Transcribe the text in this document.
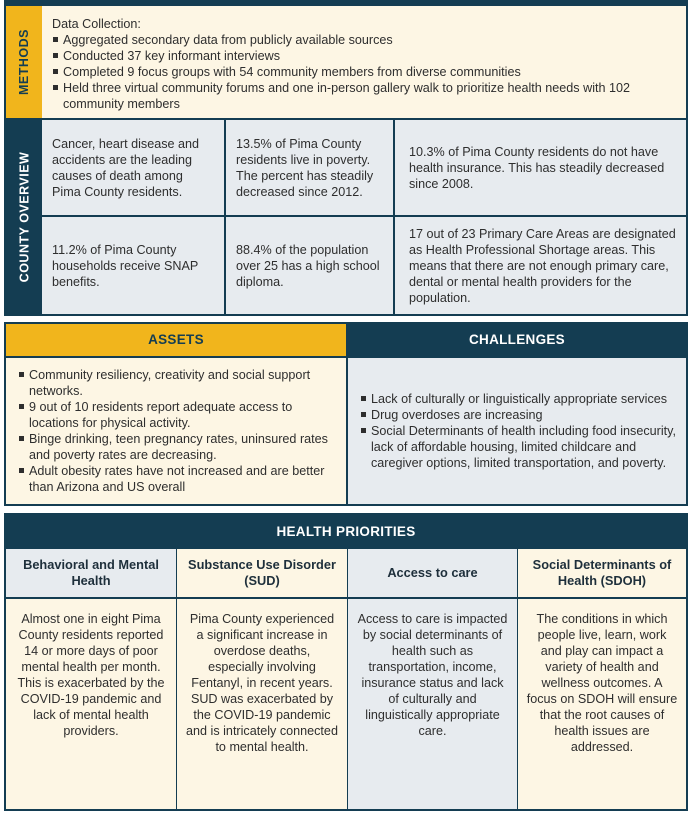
METHODS
Data Collection:
Aggregated secondary data from publicly available sources
Conducted 37 key informant interviews
Completed 9 focus groups with 54 community members from diverse communities
Held three virtual community forums and one in-person gallery walk to prioritize health needs with 102 community members
COUNTY OVERVIEW
Cancer, heart disease and accidents are the leading causes of death among Pima County residents.
13.5% of Pima County residents live in poverty. The percent has steadily decreased since 2012.
10.3% of Pima County residents do not have health insurance. This has steadily decreased since 2008.
11.2% of Pima County households receive SNAP benefits.
88.4% of the population over 25 has a high school diploma.
17 out of 23 Primary Care Areas are designated as Health Professional Shortage areas. This means that there are not enough primary care, dental or mental health providers for the population.
ASSETS	CHALLENGES
Community resiliency, creativity and social support networks.
9 out of 10 residents report adequate access to locations for physical activity.
Binge drinking, teen pregnancy rates, uninsured rates and poverty rates are decreasing.
Adult obesity rates have not increased and are better than Arizona and US overall
Lack of culturally or linguistically appropriate services
Drug overdoses are increasing
Social Determinants of health including food insecurity, lack of affordable housing, limited childcare and caregiver options, limited transportation, and poverty.
HEALTH PRIORITIES
Behavioral and Mental Health
Substance Use Disorder (SUD)
Access to care
Social Determinants of Health (SDOH)
Almost one in eight Pima County residents reported 14 or more days of poor mental health per month. This is exacerbated by the COVID-19 pandemic and lack of mental health providers.
Pima County experienced a significant increase in overdose deaths, especially involving Fentanyl, in recent years. SUD was exacerbated by the COVID-19 pandemic and is intricately connected to mental health.
Access to care is impacted by social determinants of health such as transportation, income, insurance status and lack of culturally and linguistically appropriate care.
The conditions in which people live, learn, work and play can impact a variety of health and wellness outcomes. A focus on SDOH will ensure that the root causes of health issues are addressed.
